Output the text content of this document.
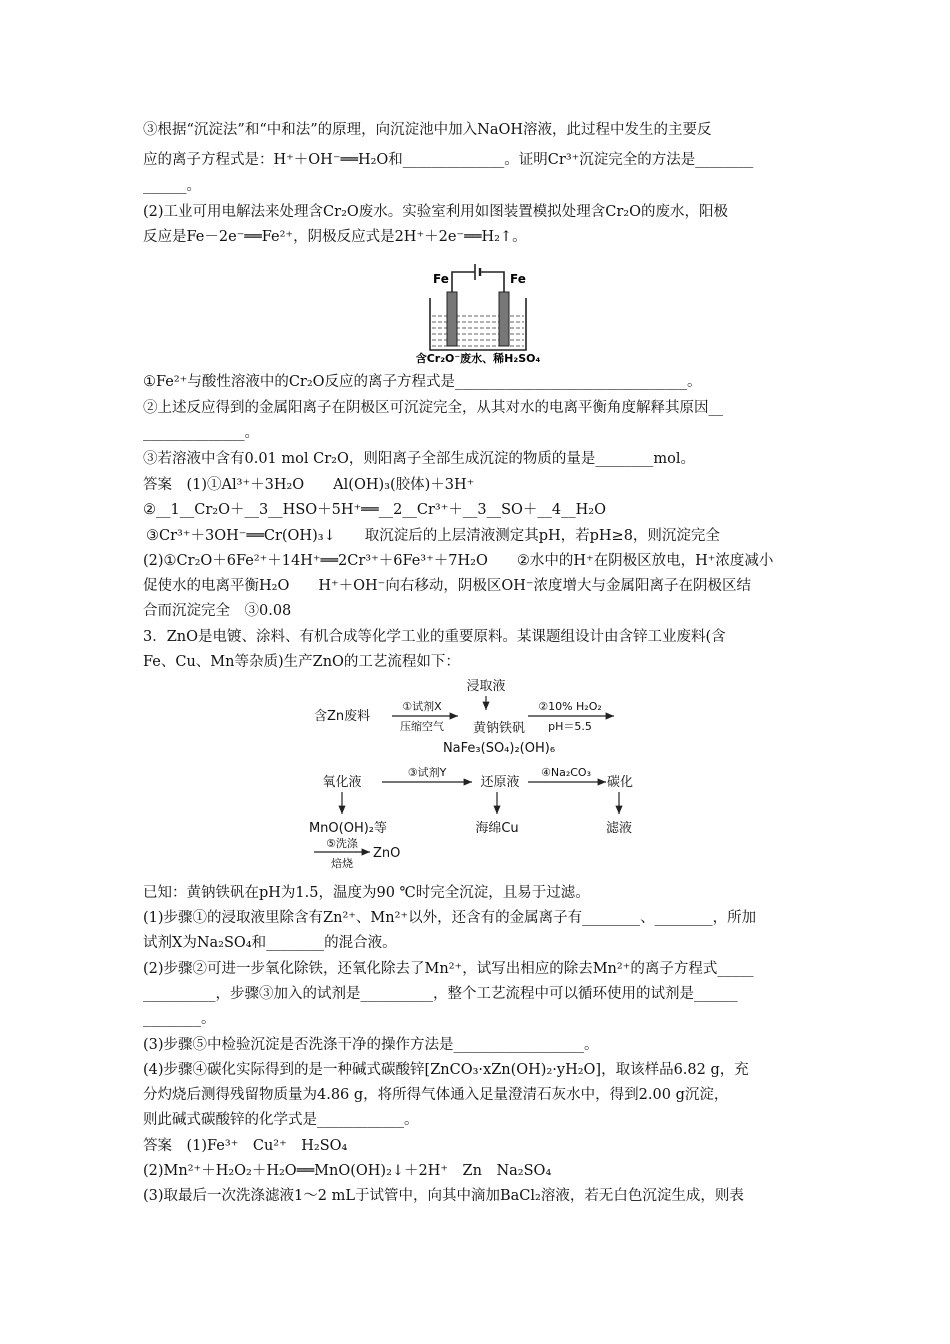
③根据“沉淀法”和“中和法”的原理，向沉淀池中加入NaOH溶液，此过程中发生的主要反
应的离子方程式是：H⁺＋OH⁻══H₂O和______________。证明Cr³⁺沉淀完全的方法是________
______。
(2)工业可用电解法来处理含Cr₂O废水。实验室利用如图装置模拟处理含Cr₂O的废水，阳极
反应是Fe－2e⁻══Fe²⁺，阴极反应式是2H⁺＋2e⁻══H₂↑。
Fe	Fe
含Cr₂O⁻废水、稀H₂SO₄
①Fe²⁺与酸性溶液中的Cr₂O反应的离子方程式是________________________________。
②上述反应得到的金属阳离子在阴极区可沉淀完全，从其对水的电离平衡角度解释其原因__
______________。
③若溶液中含有0.01 mol Cr₂O，则阳离子全部生成沉淀的物质的量是________mol。
答案　(1)①Al³⁺＋3H₂O　　Al(OH)₃(胶体)＋3H⁺
②__1__Cr₂O＋__3__HSO＋5H⁺══__2__Cr³⁺＋__3__SO＋__4__H₂O
③Cr³⁺＋3OH⁻══Cr(OH)₃↓　　取沉淀后的上层清液测定其pH，若pH≥8，则沉淀完全
(2)①Cr₂O＋6Fe²⁺＋14H⁺══2Cr³⁺＋6Fe³⁺＋7H₂O　　②水中的H⁺在阴极区放电，H⁺浓度减小
促使水的电离平衡H₂O　　H⁺＋OH⁻向右移动，阴极区OH⁻浓度增大与金属阳离子在阴极区结
合而沉淀完全　③0.08
3．ZnO是电镀、涂料、有机合成等化学工业的重要原料。某课题组设计由含锌工业废料(含
Fe、Cu、Mn等杂质)生产ZnO的工艺流程如下：
含Zn废料
①试剂X
压缩空气
浸取液
黄钠铁矾
NaFe₃(SO₄)₂(OH)₆
②10% H₂O₂
pH＝5.5
氧化液
③试剂Y
还原液
④Na₂CO₃
碳化
MnO(OH)₂等	海绵Cu	滤液
⑤洗涤
焙烧
ZnO
已知：黄钠铁矾在pH为1.5，温度为90 ℃时完全沉淀，且易于过滤。
(1)步骤①的浸取液里除含有Zn²⁺、Mn²⁺以外，还含有的金属离子有________、________，所加
试剂X为Na₂SO₄和________的混合液。
(2)步骤②可进一步氧化除铁，还氧化除去了Mn²⁺，试写出相应的除去Mn²⁺的离子方程式_____
__________，步骤③加入的试剂是__________，整个工艺流程中可以循环使用的试剂是______
________。
(3)步骤⑤中检验沉淀是否洗涤干净的操作方法是__________________。
(4)步骤④碳化实际得到的是一种碱式碳酸锌[ZnCO₃·xZn(OH)₂·yH₂O]，取该样品6.82 g，充
分灼烧后测得残留物质量为4.86 g，将所得气体通入足量澄清石灰水中，得到2.00 g沉淀，
则此碱式碳酸锌的化学式是____________。
答案　(1)Fe³⁺　Cu²⁺　H₂SO₄
(2)Mn²⁺＋H₂O₂＋H₂O══MnO(OH)₂↓＋2H⁺　Zn　Na₂SO₄
(3)取最后一次洗涤滤液1～2 mL于试管中，向其中滴加BaCl₂溶液，若无白色沉淀生成，则表
